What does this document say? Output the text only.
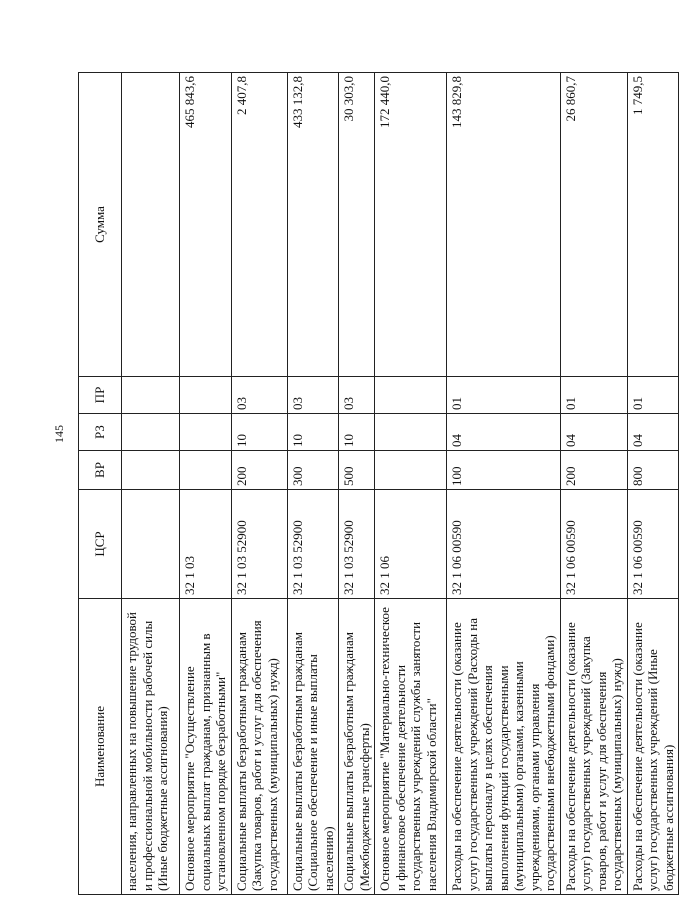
145
Наименование	ЦСР	ВР	РЗ	ПР	Сумма
населения, направленных на повышение трудовой и профессиональной мобильности рабочей силы (Иные бюджетные ассигнования)					
Основное мероприятие "Осуществление социальных выплат гражданам, признанным в установленном порядке безработными"	32 1 03				465 843,6
Социальные выплаты безработным гражданам (Закупка товаров, работ и услуг для обеспечения государственных (муниципальных) нужд)	32 1 03 52900	200	10	03	2 407,8
Социальные выплаты безработным гражданам (Социальное обеспечение и иные выплаты населению)	32 1 03 52900	300	10	03	433 132,8
Социальные выплаты безработным гражданам (Межбюджетные трансферты)	32 1 03 52900	500	10	03	30 303,0
Основное мероприятие "Материально-техническое и финансовое обеспечение деятельности государственных учреждений службы занятости населения Владимирской области"	32 1 06				172 440,0
Расходы на обеспечение деятельности (оказание услуг) государственных учреждений (Расходы на выплаты персоналу в целях обеспечения выполнения функций государственными (муниципальными) органами, казенными учреждениями, органами управления государственными внебюджетными фондами)	32 1 06 00590	100	04	01	143 829,8
Расходы на обеспечение деятельности (оказание услуг) государственных учреждений (Закупка товаров, работ и услуг для обеспечения государственных (муниципальных) нужд)	32 1 06 00590	200	04	01	26 860,7
Расходы на обеспечение деятельности (оказание услуг) государственных учреждений (Иные бюджетные ассигнования)	32 1 06 00590	800	04	01	1 749,5
